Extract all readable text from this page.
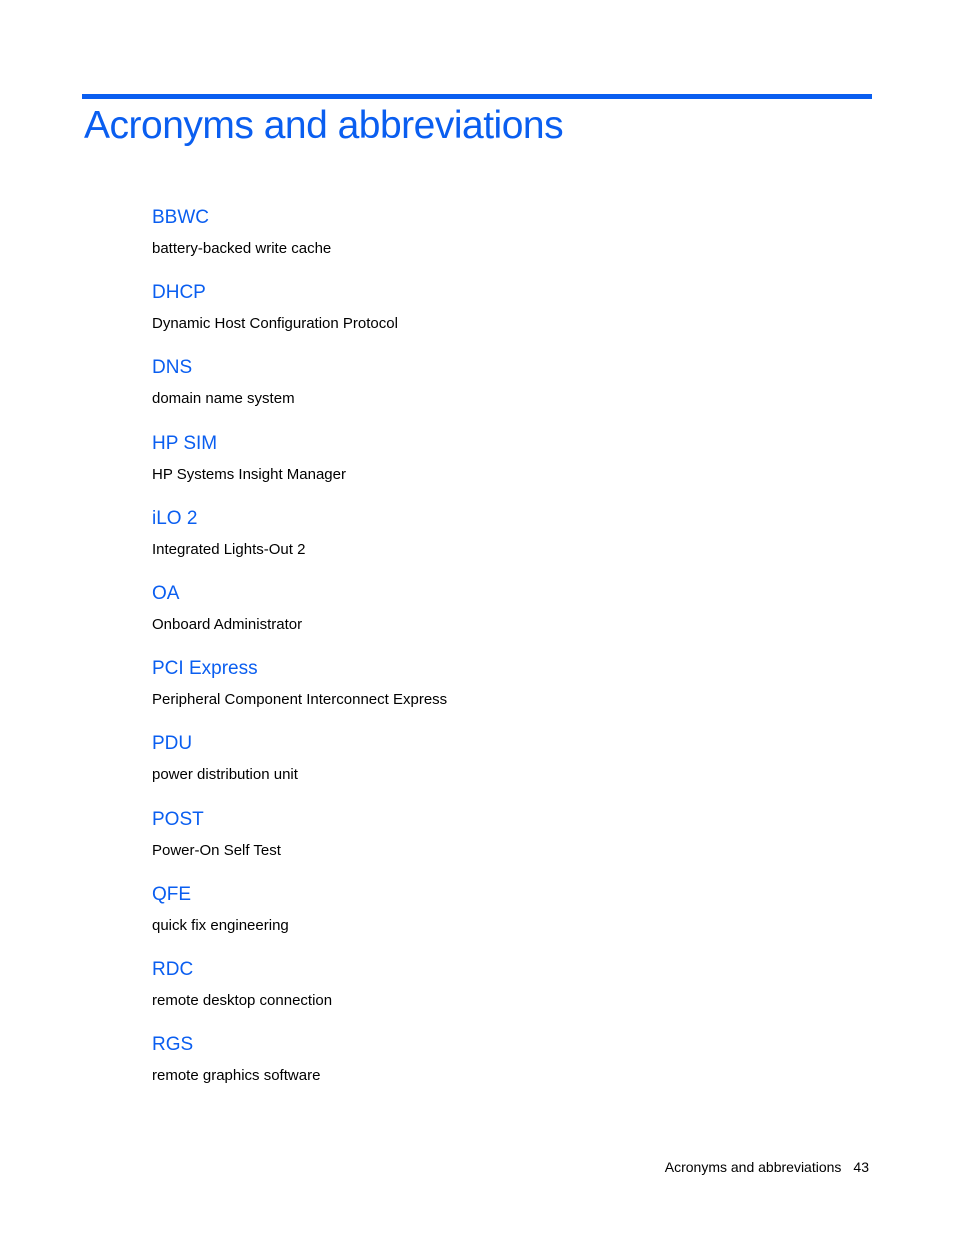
Acronyms and abbreviations
BBWC
battery-backed write cache
DHCP
Dynamic Host Configuration Protocol
DNS
domain name system
HP SIM
HP Systems Insight Manager
iLO 2
Integrated Lights-Out 2
OA
Onboard Administrator
PCI Express
Peripheral Component Interconnect Express
PDU
power distribution unit
POST
Power-On Self Test
QFE
quick fix engineering
RDC
remote desktop connection
RGS
remote graphics software
Acronyms and abbreviations 43
